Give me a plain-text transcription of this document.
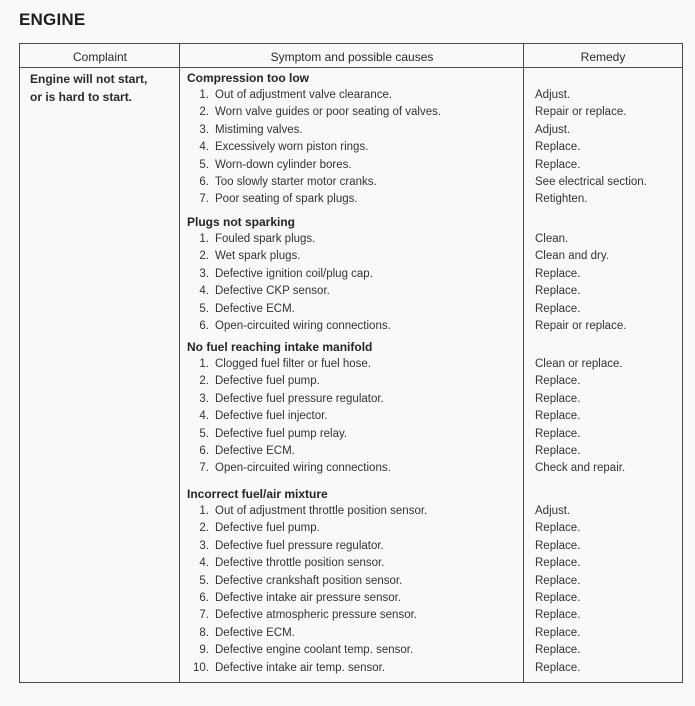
ENGINE
Complaint	Symptom and possible causes	Remedy
Engine will not start,
or is hard to start.
Compression too low
1. Out of adjustment valve clearance.	Adjust.
2. Worn valve guides or poor seating of valves.	Repair or replace.
3. Mistiming valves.	Adjust.
4. Excessively worn piston rings.	Replace.
5. Worn-down cylinder bores.	Replace.
6. Too slowly starter motor cranks.	See electrical section.
7. Poor seating of spark plugs.	Retighten.
Plugs not sparking
1. Fouled spark plugs.	Clean.
2. Wet spark plugs.	Clean and dry.
3. Defective ignition coil/plug cap.	Replace.
4. Defective CKP sensor.	Replace.
5. Defective ECM.	Replace.
6. Open-circuited wiring connections.	Repair or replace.
No fuel reaching intake manifold
1. Clogged fuel filter or fuel hose.	Clean or replace.
2. Defective fuel pump.	Replace.
3. Defective fuel pressure regulator.	Replace.
4. Defective fuel injector.	Replace.
5. Defective fuel pump relay.	Replace.
6. Defective ECM.	Replace.
7. Open-circuited wiring connections.	Check and repair.
Incorrect fuel/air mixture
1. Out of adjustment throttle position sensor.	Adjust.
2. Defective fuel pump.	Replace.
3. Defective fuel pressure regulator.	Replace.
4. Defective throttle position sensor.	Replace.
5. Defective crankshaft position sensor.	Replace.
6. Defective intake air pressure sensor.	Replace.
7. Defective atmospheric pressure sensor.	Replace.
8. Defective ECM.	Replace.
9. Defective engine coolant temp. sensor.	Replace.
10. Defective intake air temp. sensor.	Replace.
